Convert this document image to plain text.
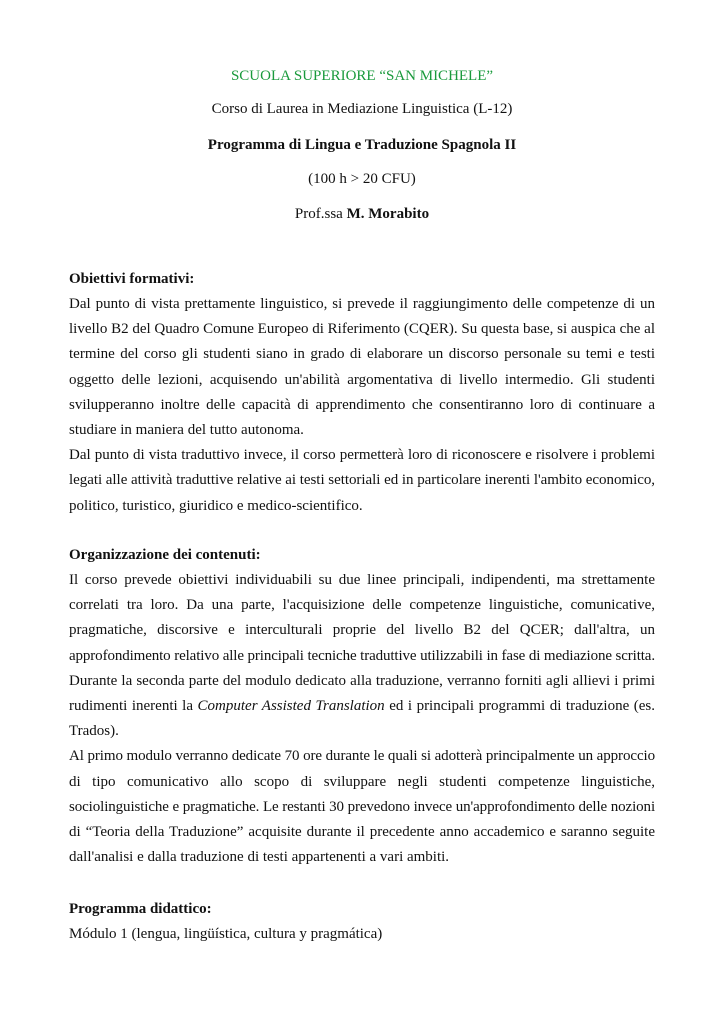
SCUOLA SUPERIORE “SAN MICHELE”
Corso di Laurea in Mediazione Linguistica (L-12)
Programma di Lingua e Traduzione Spagnola II
(100 h > 20 CFU)
Prof.ssa M. Morabito
Obiettivi formativi:
Dal punto di vista prettamente linguistico, si prevede il raggiungimento delle competenze di un
livello B2 del Quadro Comune Europeo di Riferimento (CQER). Su questa base, si auspica che al
termine del corso gli studenti siano in grado di elaborare un discorso personale su temi e testi
oggetto delle lezioni, acquisendo un'abilità argomentativa di livello intermedio. Gli studenti
svilupperanno inoltre delle capacità di apprendimento che consentiranno loro di continuare a
studiare in maniera del tutto autonoma.
Dal punto di vista traduttivo invece, il corso permetterà loro di riconoscere e risolvere i problemi
legati alle attività traduttive relative ai testi settoriali ed in particolare inerenti l'ambito economico,
politico, turistico, giuridico e medico-scientifico.
Organizzazione dei contenuti:
Il corso prevede obiettivi individuabili su due linee principali, indipendenti, ma strettamente
correlati tra loro. Da una parte, l'acquisizione delle competenze linguistiche, comunicative,
pragmatiche, discorsive e interculturali proprie del livello B2 del QCER; dall'altra, un
approfondimento relativo alle principali tecniche traduttive utilizzabili in fase di mediazione scritta.
Durante la seconda parte del modulo dedicato alla traduzione, verranno forniti agli allievi i primi
rudimenti inerenti la Computer Assisted Translation ed i principali programmi di traduzione (es.
Trados).
Al primo modulo verranno dedicate 70 ore durante le quali si adotterà principalmente un approccio
di tipo comunicativo allo scopo di sviluppare negli studenti competenze linguistiche,
sociolinguistiche e pragmatiche. Le restanti 30 prevedono invece un'approfondimento delle nozioni
di “Teoria della Traduzione” acquisite durante il precedente anno accademico e saranno seguite
dall'analisi e dalla traduzione di testi appartenenti a vari ambiti.
Programma didattico:
Módulo 1 (lengua, lingüística, cultura y pragmática)
